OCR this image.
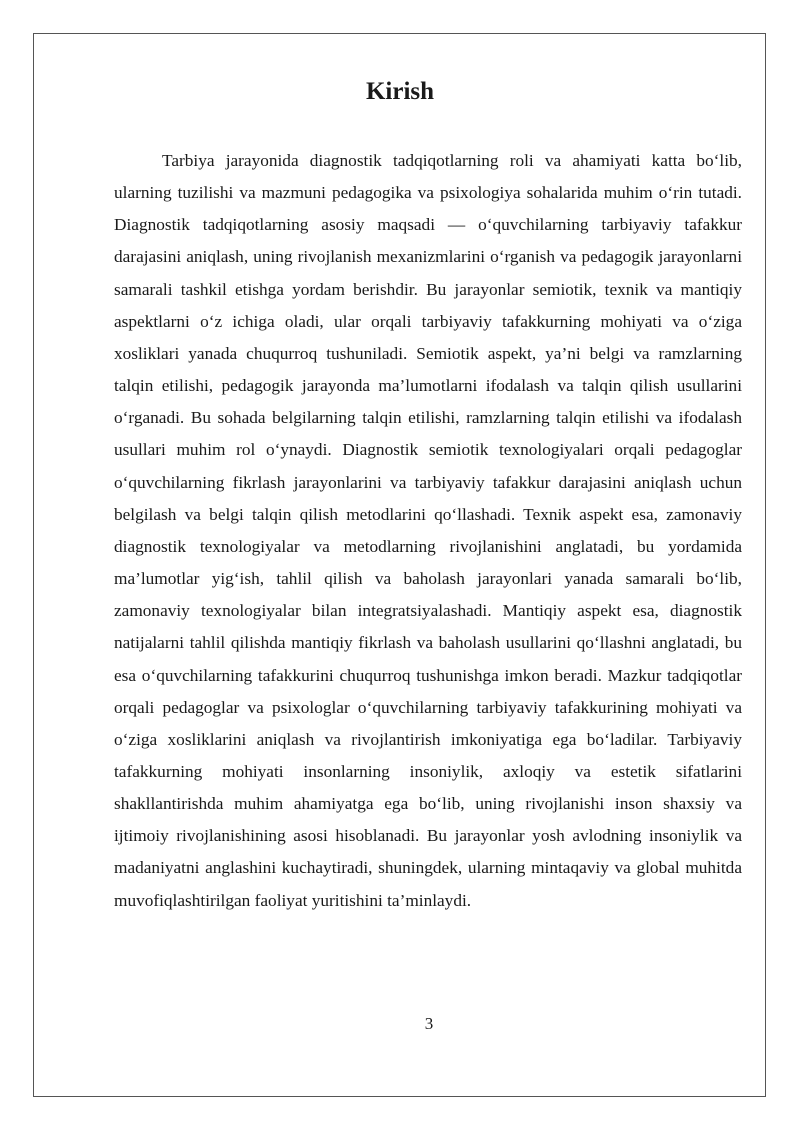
Kirish

Tarbiya jarayonida diagnostik tadqiqotlarning roli va ahamiyati katta bo‘lib, ularning tuzilishi va mazmuni pedagogika va psixologiya sohalarida muhim o‘rin tutadi. Diagnostik tadqiqotlarning asosiy maqsadi — o‘quvchilarning tarbiyaviy tafakkur darajasini aniqlash, uning rivojlanish mexanizmlarini o‘rganish va pedagogik jarayonlarni samarali tashkil etishga yordam berishdir. Bu jarayonlar semiotik, texnik va mantiqiy aspektlarni o‘z ichiga oladi, ular orqali tarbiyaviy tafakkurning mohiyati va o‘ziga xosliklari yanada chuqurroq tushuniladi. Semiotik aspekt, ya’ni belgi va ramzlarning talqin etilishi, pedagogik jarayonda ma’lumotlarni ifodalash va talqin qilish usullarini o‘rganadi. Bu sohada belgilarning talqin etilishi, ramzlarning talqin etilishi va ifodalash usullari muhim rol o‘ynaydi. Diagnostik semiotik texnologiyalari orqali pedagoglar o‘quvchilarning fikrlash jarayonlarini va tarbiyaviy tafakkur darajasini aniqlash uchun belgilash va belgi talqin qilish metodlarini qo‘llashadi. Texnik aspekt esa, zamonaviy diagnostik texnologiyalar va metodlarning rivojlanishini anglatadi, bu yordamida ma’lumotlar yig‘ish, tahlil qilish va baholash jarayonlari yanada samarali bo‘lib, zamonaviy texnologiyalar bilan integratsiyalashadi. Mantiqiy aspekt esa, diagnostik natijalarni tahlil qilishda mantiqiy fikrlash va baholash usullarini qo‘llashni anglatadi, bu esa o‘quvchilarning tafakkurini chuqurroq tushunishga imkon beradi. Mazkur tadqiqotlar orqali pedagoglar va psixologlar o‘quvchilarning tarbiyaviy tafakkurining mohiyati va o‘ziga xosliklarini aniqlash va rivojlantirish imkoniyatiga ega bo‘ladilar. Tarbiyaviy tafakkurning mohiyati insonlarning insoniylik, axloqiy va estetik sifatlarini shakllantirishda muhim ahamiyatga ega bo‘lib, uning rivojlanishi inson shaxsiy va ijtimoiy rivojlanishining asosi hisoblanadi. Bu jarayonlar yosh avlodning insoniylik va madaniyatni anglashini kuchaytiradi, shuningdek, ularning mintaqaviy va global muhitda muvofiqlashtirilgan faoliyat yuritishini ta’minlaydi.

3
